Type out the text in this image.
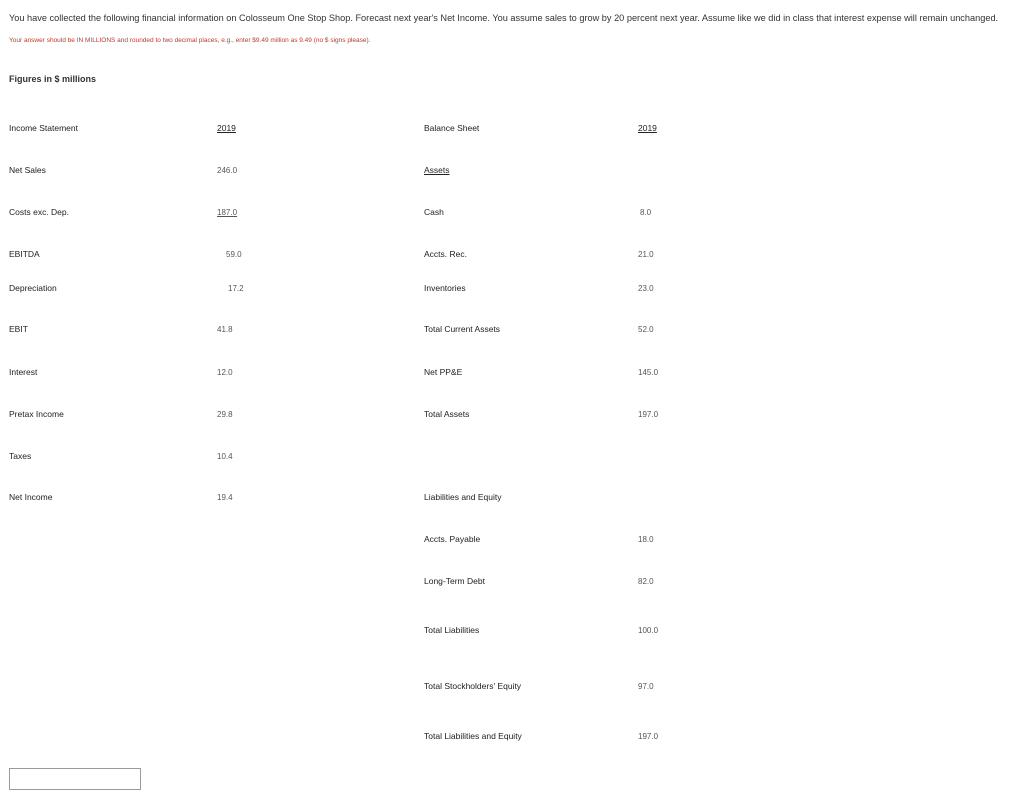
You have collected the following financial information on Colosseum One Stop Shop. Forecast next year's Net Income. You assume sales to grow by 20 percent next year. Assume like we did in class that interest expense will remain unchanged.
Your answer should be IN MILLIONS and rounded to two decimal places, e.g., enter $9.49 million as 9.49 (no $ signs please).
Figures in $ millions
Income Statement	2019
Net Sales	246.0
Costs exc. Dep.	187.0
EBITDA	59.0
Depreciation	17.2
EBIT	41.8
Interest	12.0
Pretax Income	29.8
Taxes	10.4
Net Income	19.4
Balance Sheet	2019
Assets
Cash	8.0
Accts. Rec.	21.0
Inventories	23.0
Total Current Assets	52.0
Net PP&E	145.0
Total Assets	197.0
Liabilities and Equity
Accts. Payable	18.0
Long-Term Debt	82.0
Total Liabilities	100.0
Total Stockholders' Equity	97.0
Total Liabilities and Equity	197.0
